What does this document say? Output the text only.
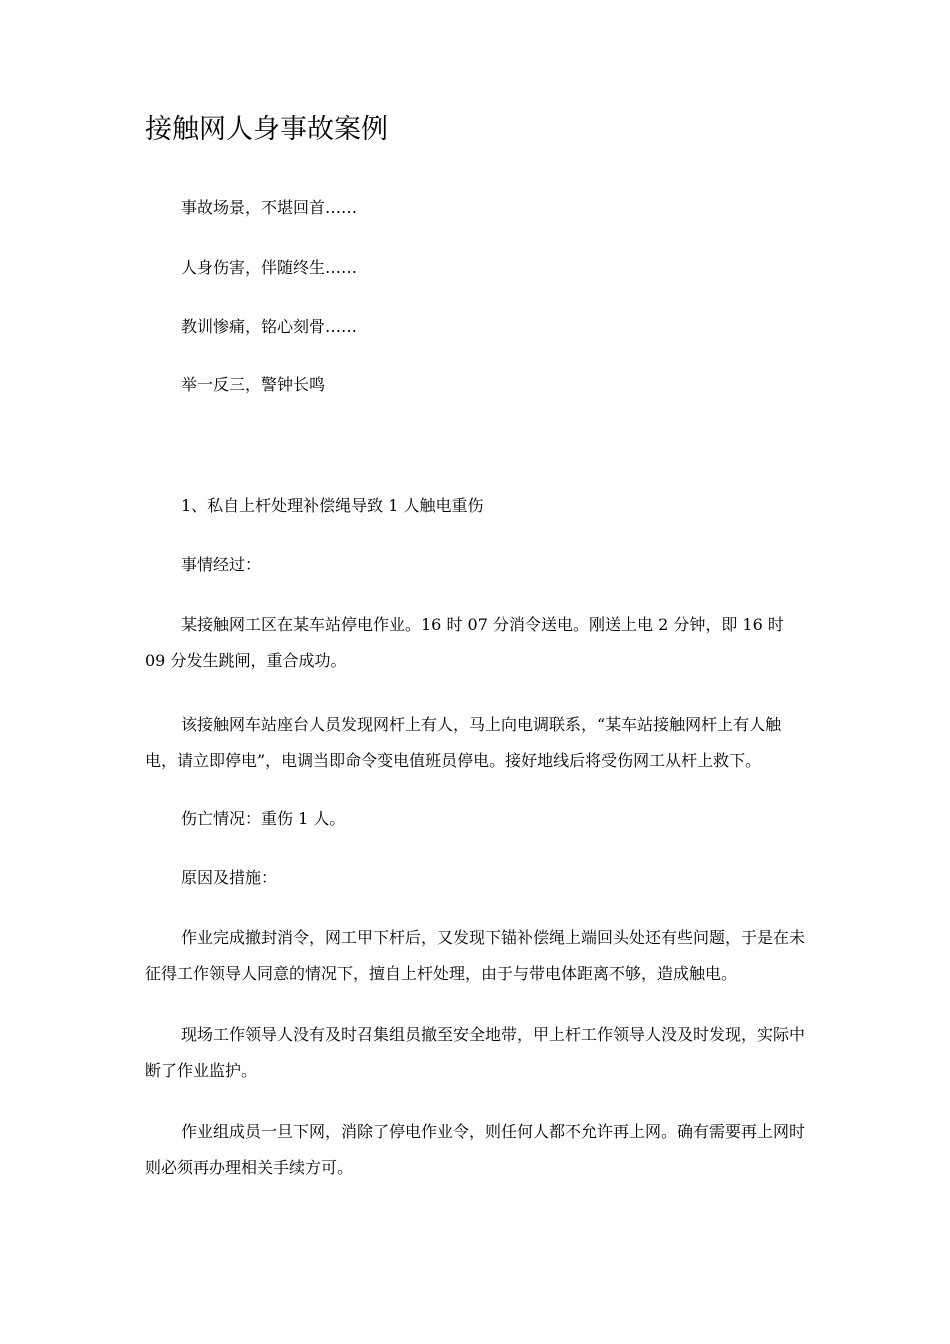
接触网人身事故案例

事故场景，不堪回首……

人身伤害，伴随终生……

教训惨痛，铭心刻骨……

举一反三，警钟长鸣

1、私自上杆处理补偿绳导致 1 人触电重伤

事情经过：

某接触网工区在某车站停电作业。16 时 07 分消令送电。刚送上电 2 分钟，即 16 时 09 分发生跳闸，重合成功。

该接触网车站座台人员发现网杆上有人，马上向电调联系，“某车站接触网杆上有人触电，请立即停电”，电调当即命令变电值班员停电。接好地线后将受伤网工从杆上救下。

伤亡情况：重伤 1 人。

原因及措施：

作业完成撤封消令，网工甲下杆后，又发现下锚补偿绳上端回头处还有些问题，于是在未征得工作领导人同意的情况下，擅自上杆处理，由于与带电体距离不够，造成触电。

现场工作领导人没有及时召集组员撤至安全地带，甲上杆工作领导人没及时发现，实际中断了作业监护。

作业组成员一旦下网，消除了停电作业令，则任何人都不允许再上网。确有需要再上网时则必须再办理相关手续方可。
